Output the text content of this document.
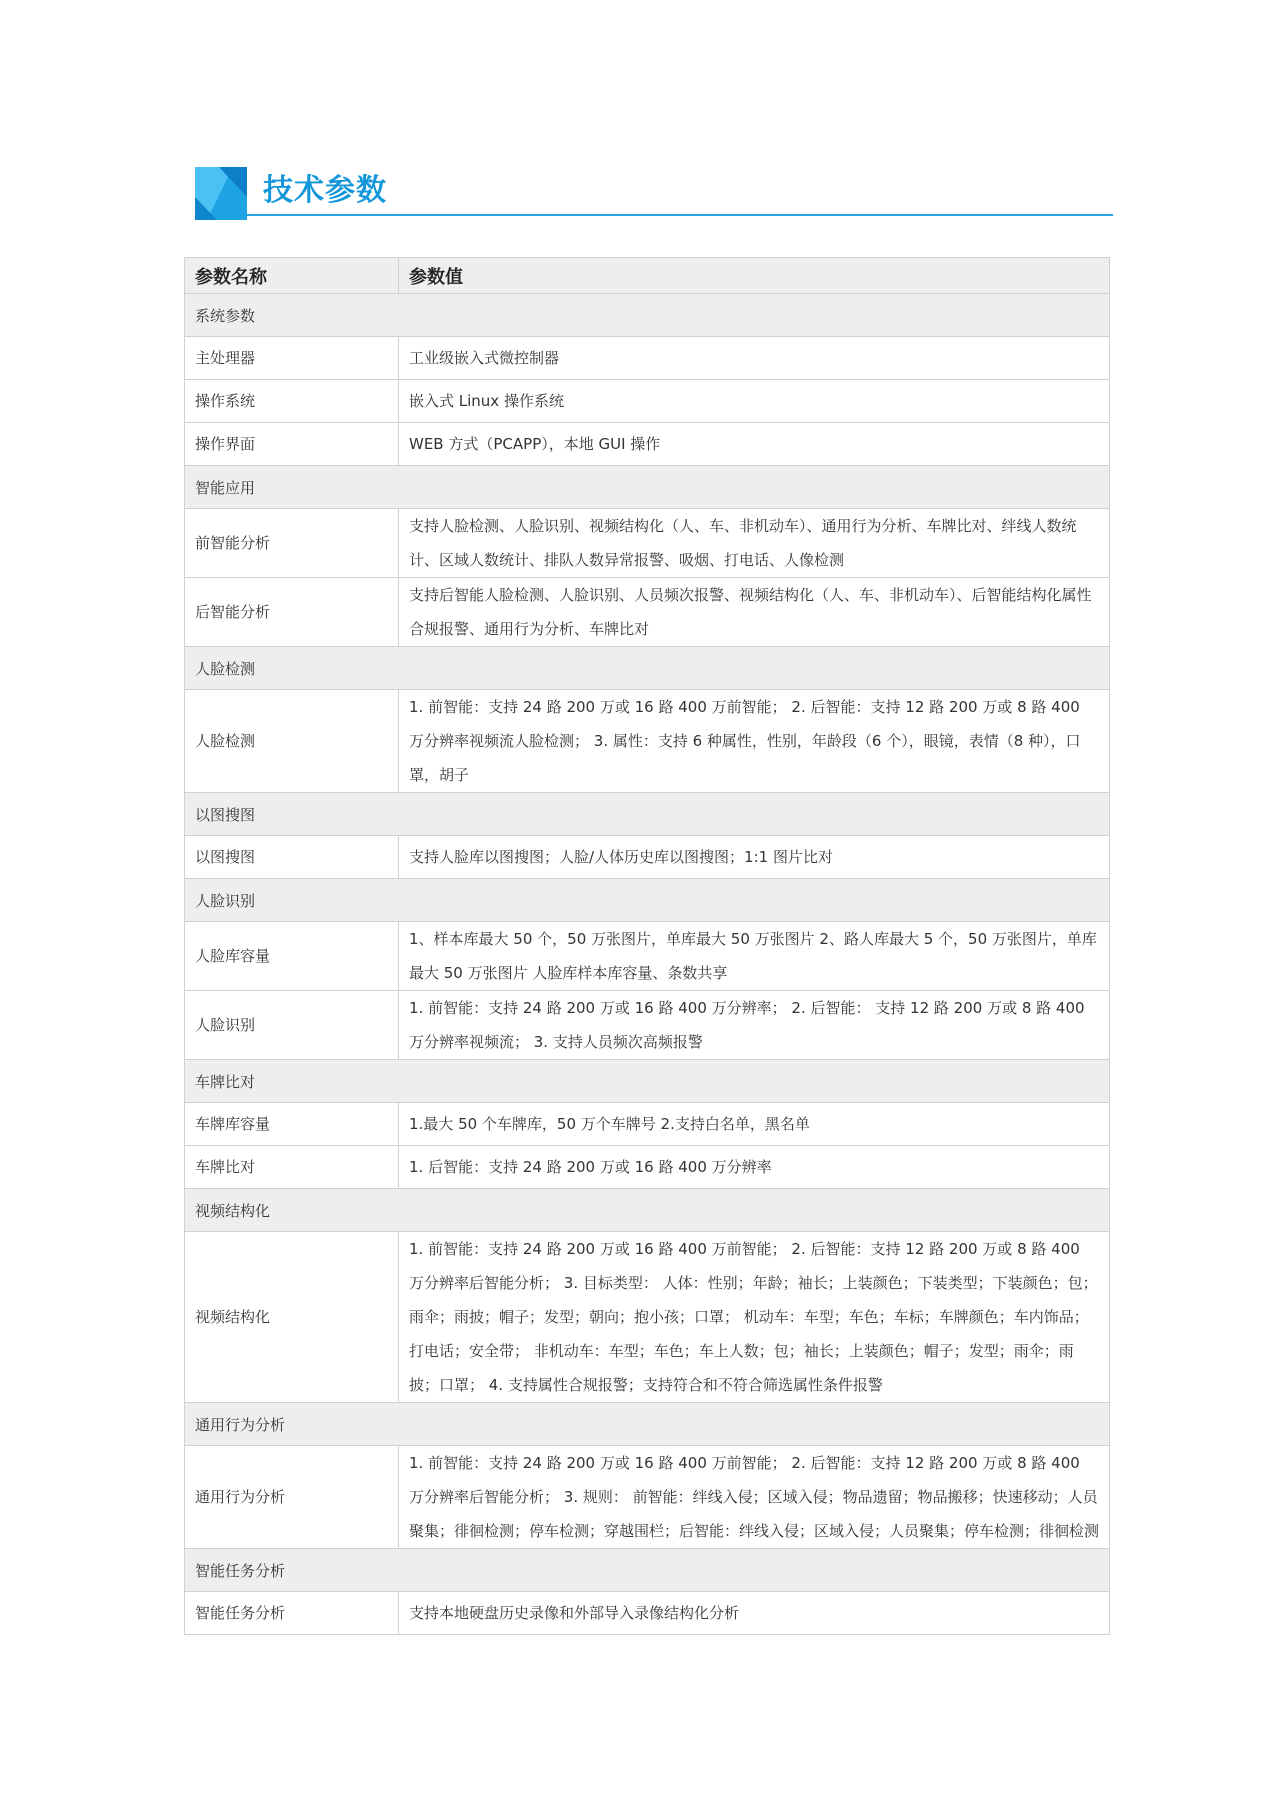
技术参数
参数名称	参数值
系统参数	
主处理器	工业级嵌入式微控制器
操作系统	嵌入式 Linux 操作系统
操作界面	WEB 方式（PCAPP），本地 GUI 操作
智能应用	
前智能分析	支持人脸检测、人脸识别、视频结构化（人、车、非机动车）、通用行为分析、车牌比对、绊线人数统计、区域人数统计、排队人数异常报警、吸烟、打电话、人像检测
后智能分析	支持后智能人脸检测、人脸识别、人员频次报警、视频结构化（人、车、非机动车）、后智能结构化属性合规报警、通用行为分析、车牌比对
人脸检测	
人脸检测	1. 前智能：支持 24 路 200 万或 16 路 400 万前智能； 2. 后智能：支持 12 路 200 万或 8 路 400 万分辨率视频流人脸检测； 3. 属性：支持 6 种属性，性别，年龄段（6 个），眼镜，表情（8 种），口罩，胡子
以图搜图	
以图搜图	支持人脸库以图搜图；人脸/人体历史库以图搜图；1:1 图片比对
人脸识别	
人脸库容量	1、样本库最大 50 个，50 万张图片，单库最大 50 万张图片 2、路人库最大 5 个，50 万张图片，单库最大 50 万张图片 人脸库样本库容量、条数共享
人脸识别	1. 前智能：支持 24 路 200 万或 16 路 400 万分辨率； 2. 后智能： 支持 12 路 200 万或 8 路 400 万分辨率视频流； 3. 支持人员频次高频报警
车牌比对	
车牌库容量	1.最大 50 个车牌库，50 万个车牌号 2.支持白名单，黑名单
车牌比对	1. 后智能：支持 24 路 200 万或 16 路 400 万分辨率
视频结构化	
视频结构化	1. 前智能：支持 24 路 200 万或 16 路 400 万前智能； 2. 后智能：支持 12 路 200 万或 8 路 400 万分辨率后智能分析； 3. 目标类型： 人体：性别；年龄；袖长；上装颜色；下装类型；下装颜色；包；雨伞；雨披；帽子；发型；朝向；抱小孩；口罩； 机动车：车型；车色；车标；车牌颜色；车内饰品；打电话；安全带； 非机动车：车型；车色；车上人数；包；袖长；上装颜色；帽子；发型；雨伞；雨披；口罩； 4. 支持属性合规报警；支持符合和不符合筛选属性条件报警
通用行为分析	
通用行为分析	1. 前智能：支持 24 路 200 万或 16 路 400 万前智能； 2. 后智能：支持 12 路 200 万或 8 路 400 万分辨率后智能分析； 3. 规则： 前智能：绊线入侵；区域入侵；物品遗留；物品搬移；快速移动；人员聚集；徘徊检测；停车检测；穿越围栏；后智能：绊线入侵；区域入侵；人员聚集；停车检测；徘徊检测
智能任务分析	
智能任务分析	支持本地硬盘历史录像和外部导入录像结构化分析
